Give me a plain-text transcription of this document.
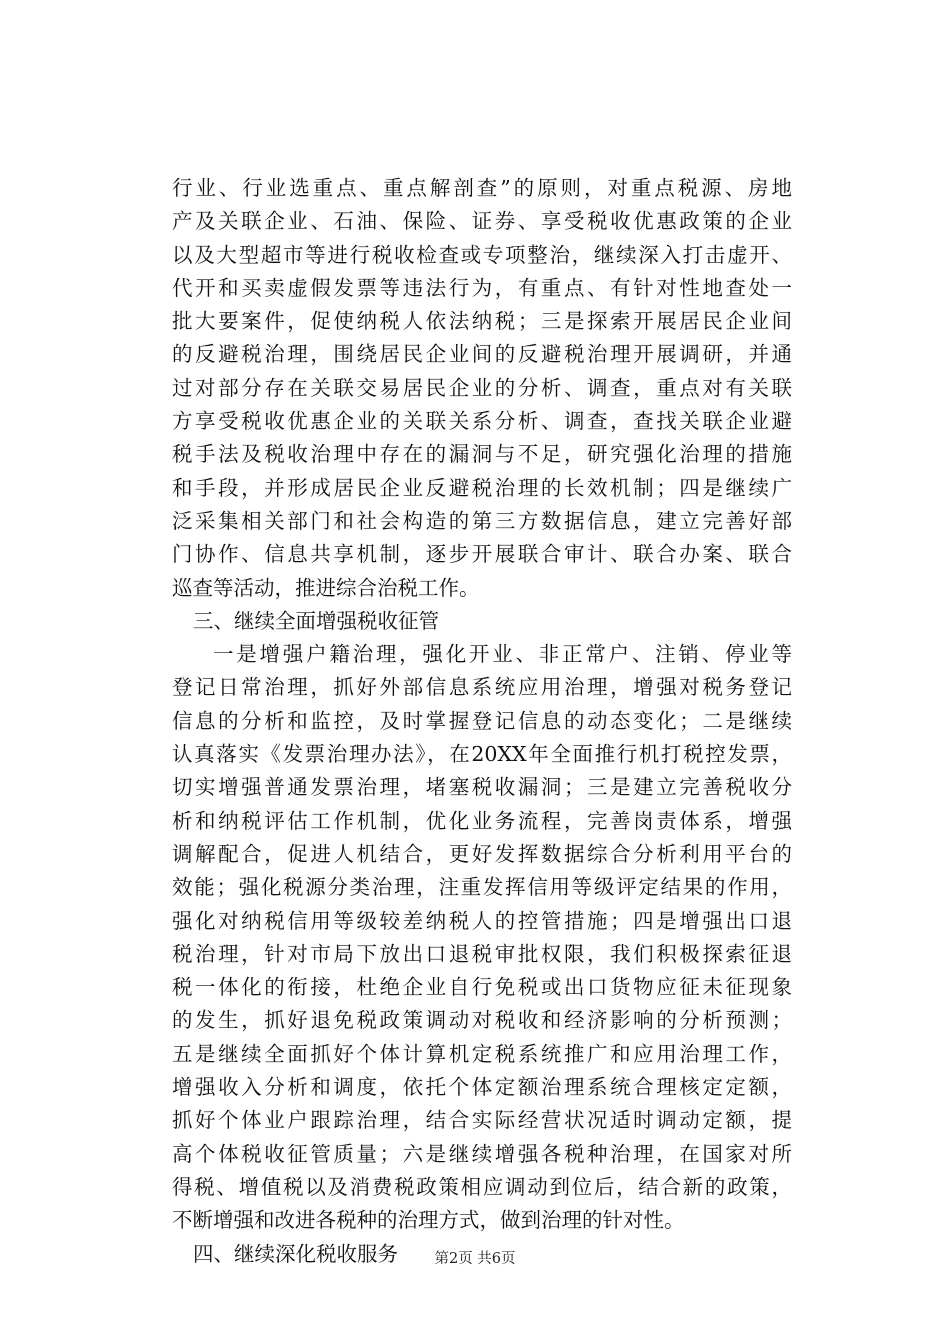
行业、行业选重点、重点解剖查”的原则，对重点税源、房地
产及关联企业、石油、保险、证券、享受税收优惠政策的企业
以及大型超市等进行税收检查或专项整治，继续深入打击虚开、
代开和买卖虚假发票等违法行为，有重点、有针对性地查处一
批大要案件，促使纳税人依法纳税；三是探索开展居民企业间
的反避税治理，围绕居民企业间的反避税治理开展调研，并通
过对部分存在关联交易居民企业的分析、调查，重点对有关联
方享受税收优惠企业的关联关系分析、调查，查找关联企业避
税手法及税收治理中存在的漏洞与不足，研究强化治理的措施
和手段，并形成居民企业反避税治理的长效机制；四是继续广
泛采集相关部门和社会构造的第三方数据信息，建立完善好部
门协作、信息共享机制，逐步开展联合审计、联合办案、联合
巡查等活动，推进综合治税工作。
三、继续全面增强税收征管
一是增强户籍治理，强化开业、非正常户、注销、停业等
登记日常治理，抓好外部信息系统应用治理，增强对税务登记
信息的分析和监控，及时掌握登记信息的动态变化；二是继续
认真落实《发票治理办法》，在20XX年全面推行机打税控发票，
切实增强普通发票治理，堵塞税收漏洞；三是建立完善税收分
析和纳税评估工作机制，优化业务流程，完善岗责体系，增强
调解配合，促进人机结合，更好发挥数据综合分析利用平台的
效能；强化税源分类治理，注重发挥信用等级评定结果的作用，
强化对纳税信用等级较差纳税人的控管措施；四是增强出口退
税治理，针对市局下放出口退税审批权限，我们积极探索征退
税一体化的衔接，杜绝企业自行免税或出口货物应征未征现象
的发生，抓好退免税政策调动对税收和经济影响的分析预测；
五是继续全面抓好个体计算机定税系统推广和应用治理工作，
增强收入分析和调度，依托个体定额治理系统合理核定定额，
抓好个体业户跟踪治理，结合实际经营状况适时调动定额，提
高个体税收征管质量；六是继续增强各税种治理，在国家对所
得税、增值税以及消费税政策相应调动到位后，结合新的政策，
不断增强和改进各税种的治理方式，做到治理的针对性。
四、继续深化税收服务	第2页 共6页
